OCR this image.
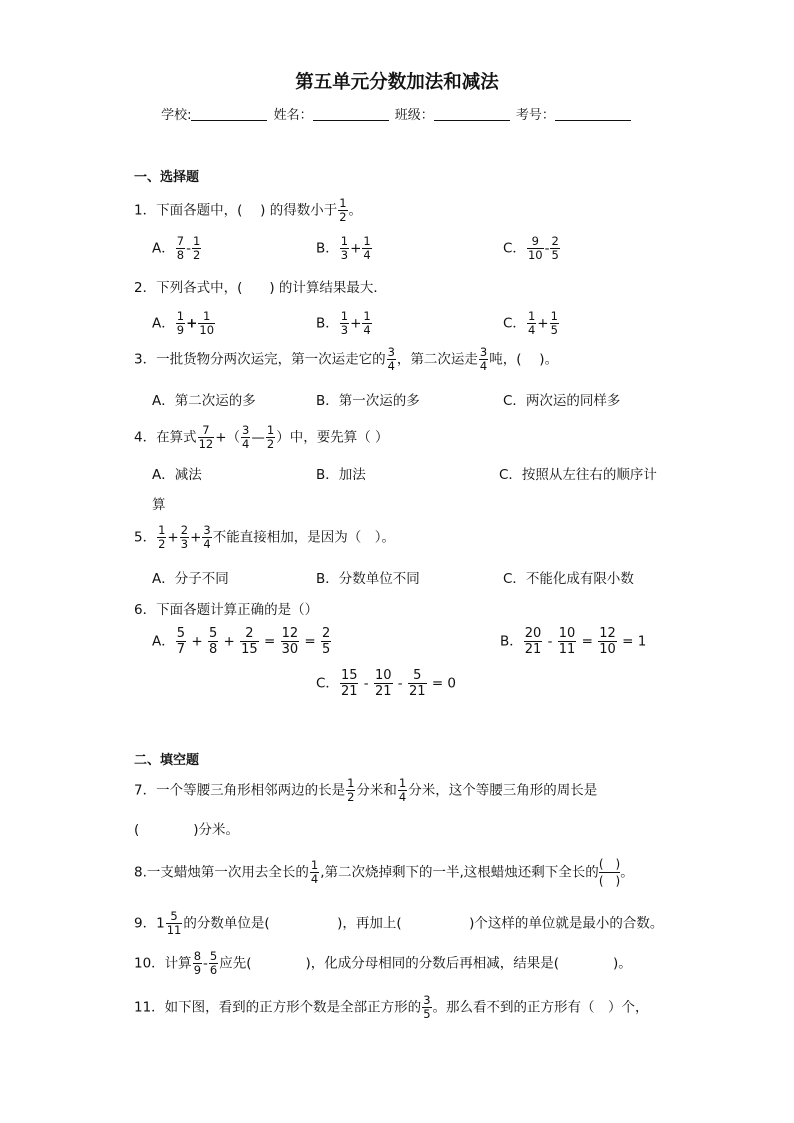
第五单元分数加法和减法
学校:	姓名：	班级：	考号：
一、选择题
1．下面各题中，(　 ) 的得数小于 $\frac{1}{2}$ 。
A． $\frac{7}{8} - \frac{1}{2}$	B． $\frac{1}{3} + \frac{1}{4}$	C． $\frac{9}{10} - \frac{2}{5}$
2．下列各式中，(　　) 的计算结果最大．
A． $\frac{1}{9} + \frac{1}{10}$	B． $\frac{1}{3} + \frac{1}{4}$	C． $\frac{1}{4} + \frac{1}{5}$
3．一批货物分两次运完，第一次运走它的 $\frac{3}{4}$ ，第二次运走 $\frac{3}{4}$ 吨，(　 )。
A．第二次运的多	B．第一次运的多	C．两次运的同样多
4．在算式 $\frac{7}{12}$ +（ $\frac{3}{4}$ — $\frac{1}{2}$ ）中，要先算（ ）
A．减法	B．加法	C．按照从左往右的顺序计
算
5． $\frac{1}{2} + \frac{2}{3} + \frac{3}{4}$ 不能直接相加，是因为（　）。
A．分子不同	B．分数单位不同	C．不能化成有限小数
6．下面各题计算正确的是（）
A． $\frac{5}{7} + \frac{5}{8} + \frac{2}{15} = \frac{12}{30} = \frac{2}{5}$	B． $\frac{20}{21} - \frac{10}{11} = \frac{12}{10} = 1$
C． $\frac{15}{21} - \frac{10}{21} - \frac{5}{21} = 0$
二、填空题
7．一个等腰三角形相邻两边的长是 $\frac{1}{2}$ 分米和 $\frac{1}{4}$ 分米，这个等腰三角形的周长是
(　　　　)分米。
8.一支蜡烛第一次用去全长的 $\frac{1}{4}$ ,第二次烧掉剩下的一半,这根蜡烛还剩下全长的
(　)
(　)
。
9．$1 \frac{5}{11}$ 的分数单位是(　　　　　)，再加上(　　　　　)个这样的单位就是最小的合数。
10．计算 $\frac{8}{9} - \frac{5}{6}$ 应先(　　　　)，化成分母相同的分数后再相减，结果是(　　　　)。
11．如下图，看到的正方形个数是全部正方形的 $\frac{3}{5}$ 。那么看不到的正方形有（　）个，
